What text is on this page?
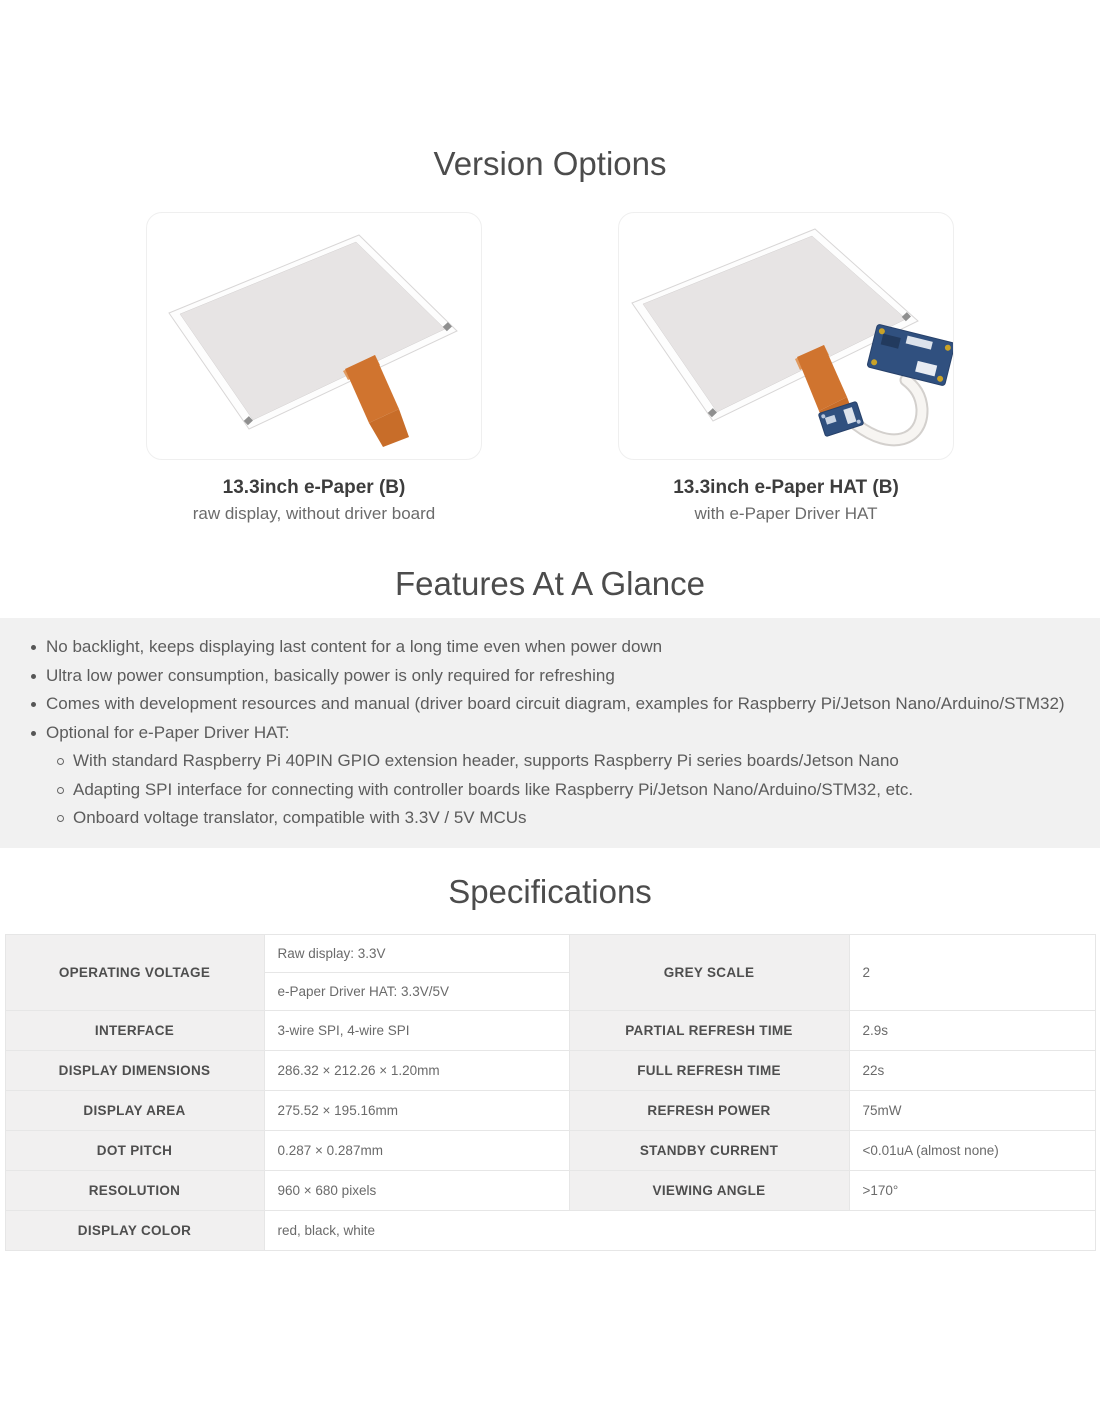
Version Options
13.3inch e-Paper (B)
raw display, without driver board
13.3inch e-Paper HAT (B)
with e-Paper Driver HAT
Features At A Glance
No backlight, keeps displaying last content for a long time even when power down
Ultra low power consumption, basically power is only required for refreshing
Comes with development resources and manual (driver board circuit diagram, examples for Raspberry Pi/Jetson Nano/Arduino/STM32)
Optional for e-Paper Driver HAT:
With standard Raspberry Pi 40PIN GPIO extension header, supports Raspberry Pi series boards/Jetson Nano
Adapting SPI interface for connecting with controller boards like Raspberry Pi/Jetson Nano/Arduino/STM32, etc.
Onboard voltage translator, compatible with 3.3V / 5V MCUs
Specifications
OPERATING VOLTAGE	Raw display: 3.3V	GREY SCALE	2
	e-Paper Driver HAT: 3.3V/5V		
INTERFACE	3-wire SPI, 4-wire SPI	PARTIAL REFRESH TIME	2.9s
DISPLAY DIMENSIONS	286.32 × 212.26 × 1.20mm	FULL REFRESH TIME	22s
DISPLAY AREA	275.52 × 195.16mm	REFRESH POWER	75mW
DOT PITCH	0.287 × 0.287mm	STANDBY CURRENT	<0.01uA (almost none)
RESOLUTION	960 × 680 pixels	VIEWING ANGLE	>170°
DISPLAY COLOR	red, black, white		
